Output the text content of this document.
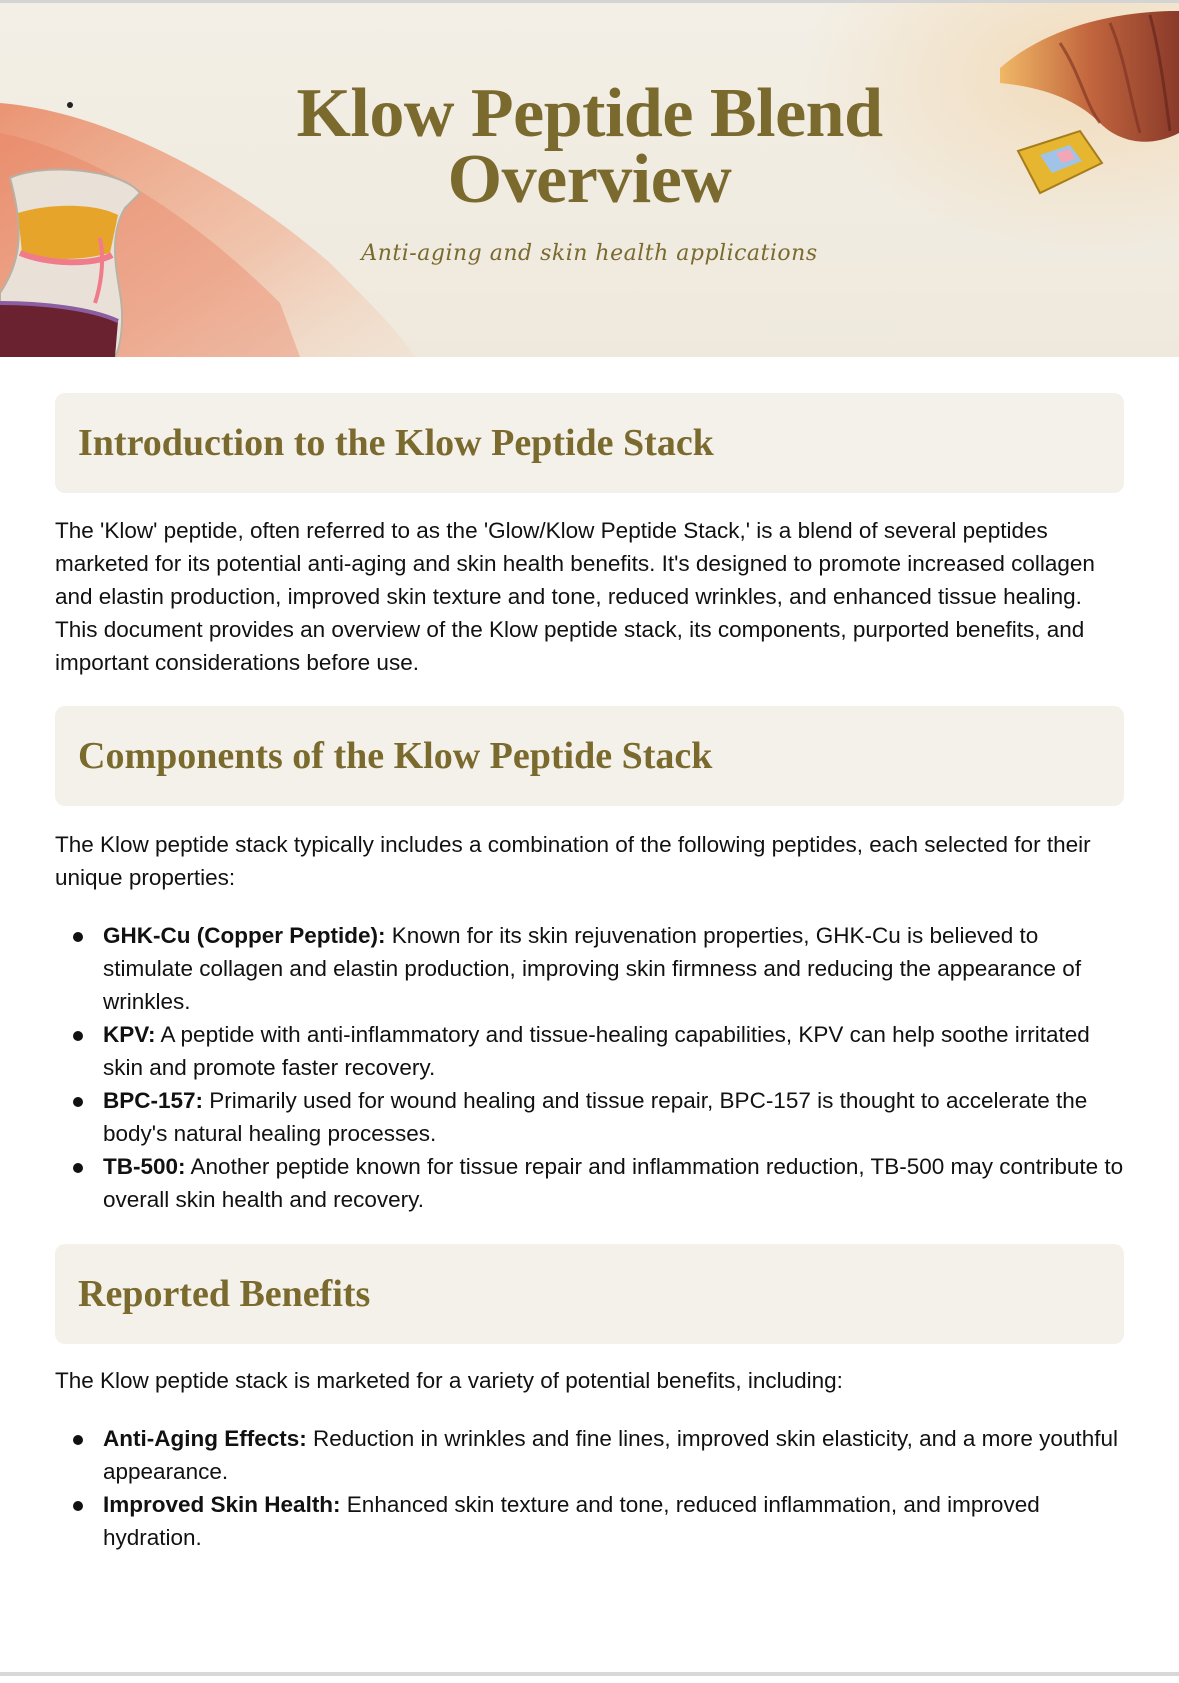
Klow Peptide Blend
Overview
Anti-aging and skin health applications
Introduction to the Klow Peptide Stack

The 'Klow' peptide, often referred to as the 'Glow/Klow Peptide Stack,' is a blend of several peptides marketed for its potential anti-aging and skin health benefits. It's designed to promote increased collagen and elastin production, improved skin texture and tone, reduced wrinkles, and enhanced tissue healing. This document provides an overview of the Klow peptide stack, its components, purported benefits, and important considerations before use.

Components of the Klow Peptide Stack

The Klow peptide stack typically includes a combination of the following peptides, each selected for their unique properties:

GHK-Cu (Copper Peptide): Known for its skin rejuvenation properties, GHK-Cu is believed to stimulate collagen and elastin production, improving skin firmness and reducing the appearance of wrinkles.
KPV: A peptide with anti-inflammatory and tissue-healing capabilities, KPV can help soothe irritated skin and promote faster recovery.
BPC-157: Primarily used for wound healing and tissue repair, BPC-157 is thought to accelerate the body's natural healing processes.
TB-500: Another peptide known for tissue repair and inflammation reduction, TB-500 may contribute to overall skin health and recovery.
Reported Benefits

The Klow peptide stack is marketed for a variety of potential benefits, including:

Anti-Aging Effects: Reduction in wrinkles and fine lines, improved skin elasticity, and a more youthful appearance.
Improved Skin Health: Enhanced skin texture and tone, reduced inflammation, and improved hydration.
